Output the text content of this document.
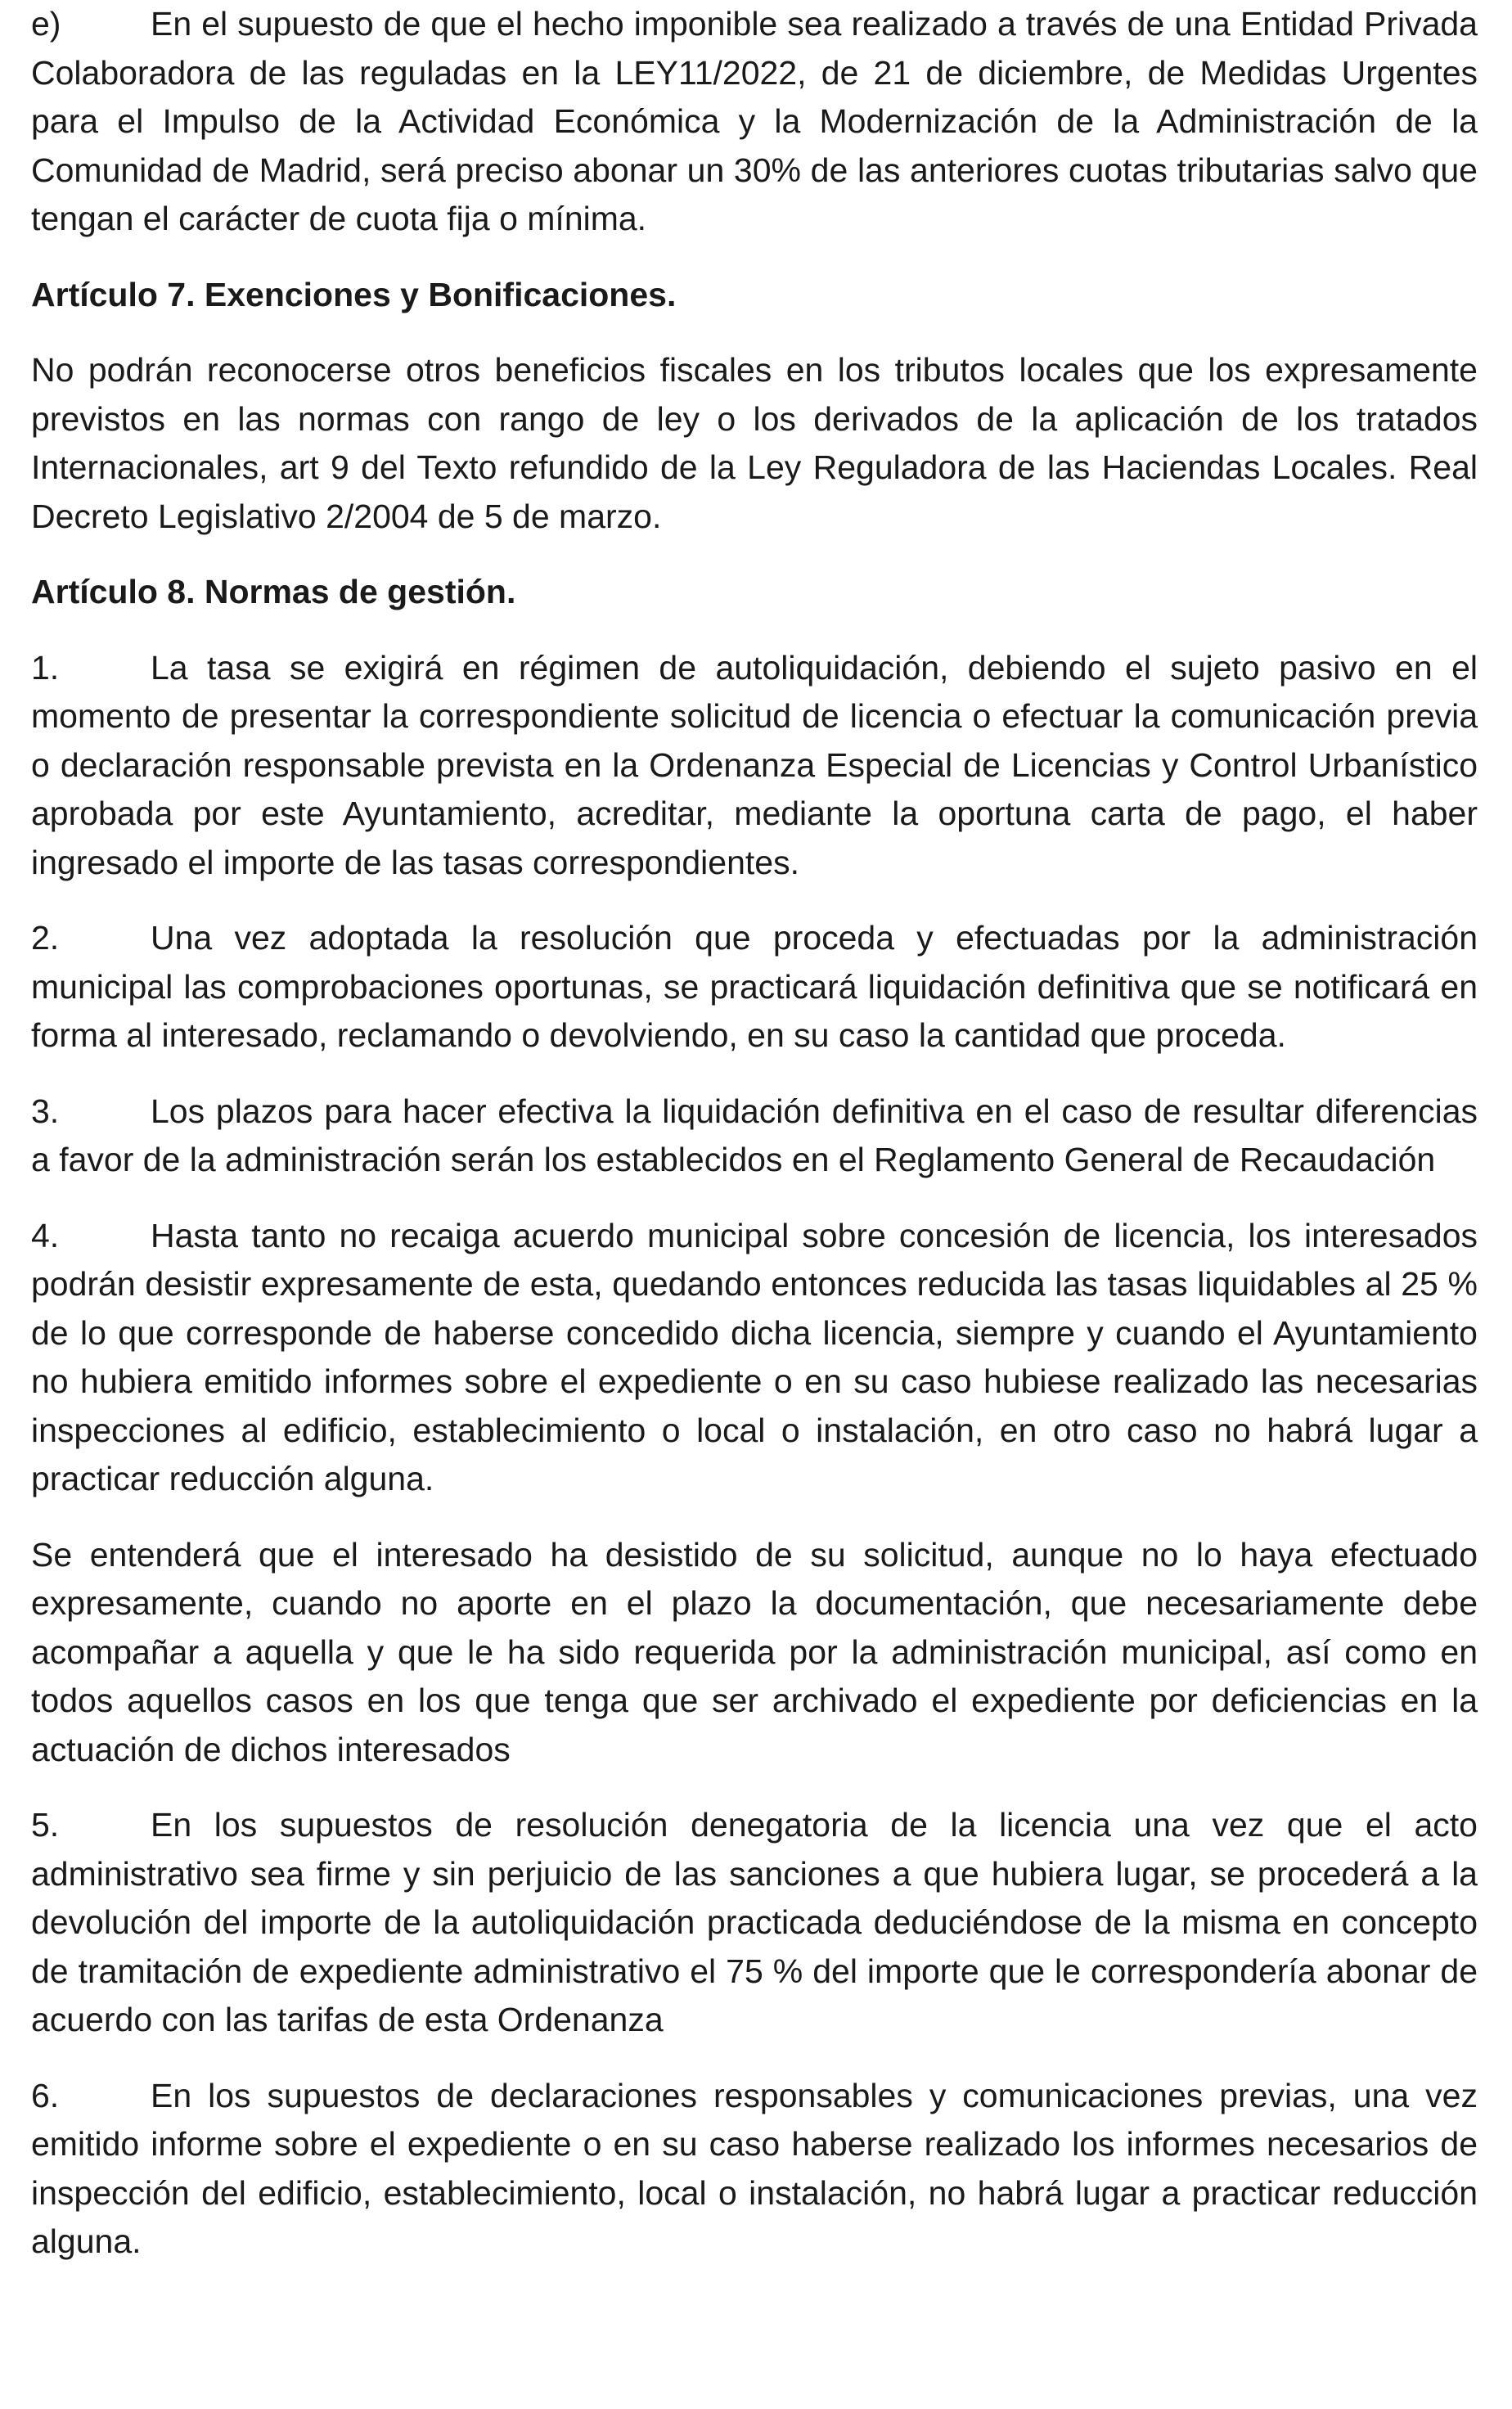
e)	En el supuesto de que el hecho imponible sea realizado a través de una Entidad Privada Colaboradora de las reguladas en la LEY11/2022, de 21 de diciembre, de Medidas Urgentes para el Impulso de la Actividad Económica y la Modernización de la Administración de la Comunidad de Madrid, será preciso abonar un 30% de las anteriores cuotas tributarias salvo que tengan el carácter de cuota fija o mínima.

Artículo 7. Exenciones y Bonificaciones.

No podrán reconocerse otros beneficios fiscales en los tributos locales que los expresamente previstos en las normas con rango de ley o los derivados de la aplicación de los tratados Internacionales, art 9 del Texto refundido de la Ley Reguladora de las Haciendas Locales. Real Decreto Legislativo 2/2004 de 5 de marzo.

Artículo 8. Normas de gestión.

1.	La tasa se exigirá en régimen de autoliquidación, debiendo el sujeto pasivo en el momento de presentar la correspondiente solicitud de licencia o efectuar la comunicación previa o declaración responsable prevista en la Ordenanza Especial de Licencias y Control Urbanístico aprobada por este Ayuntamiento, acreditar, mediante la oportuna carta de pago, el haber ingresado el importe de las tasas correspondientes.

2.	Una vez adoptada la resolución que proceda y efectuadas por la administración municipal las comprobaciones oportunas, se practicará liquidación definitiva que se notificará en forma al interesado, reclamando o devolviendo, en su caso la cantidad que proceda.

3.	Los plazos para hacer efectiva la liquidación definitiva en el caso de resultar diferencias a favor de la administración serán los establecidos en el Reglamento General de Recaudación

4.	Hasta tanto no recaiga acuerdo municipal sobre concesión de licencia, los interesados podrán desistir expresamente de esta, quedando entonces reducida las tasas liquidables al 25 % de lo que corresponde de haberse concedido dicha licencia, siempre y cuando el Ayuntamiento no hubiera emitido informes sobre el expediente o en su caso hubiese realizado las necesarias inspecciones al edificio, establecimiento o local o instalación, en otro caso no habrá lugar a practicar reducción alguna.

Se entenderá que el interesado ha desistido de su solicitud, aunque no lo haya efectuado expresamente, cuando no aporte en el plazo la documentación, que necesariamente debe acompañar a aquella y que le ha sido requerida por la administración municipal, así como en todos aquellos casos en los que tenga que ser archivado el expediente por deficiencias en la actuación de dichos interesados

5.	En los supuestos de resolución denegatoria de la licencia una vez que el acto administrativo sea firme y sin perjuicio de las sanciones a que hubiera lugar, se procederá a la devolución del importe de la autoliquidación practicada deduciéndose de la misma en concepto de tramitación de expediente administrativo el 75 % del importe que le correspondería abonar de acuerdo con las tarifas de esta Ordenanza

6.	En los supuestos de declaraciones responsables y comunicaciones previas, una vez emitido informe sobre el expediente o en su caso haberse realizado los informes necesarios de inspección del edificio, establecimiento, local o instalación, no habrá lugar a practicar reducción alguna.
